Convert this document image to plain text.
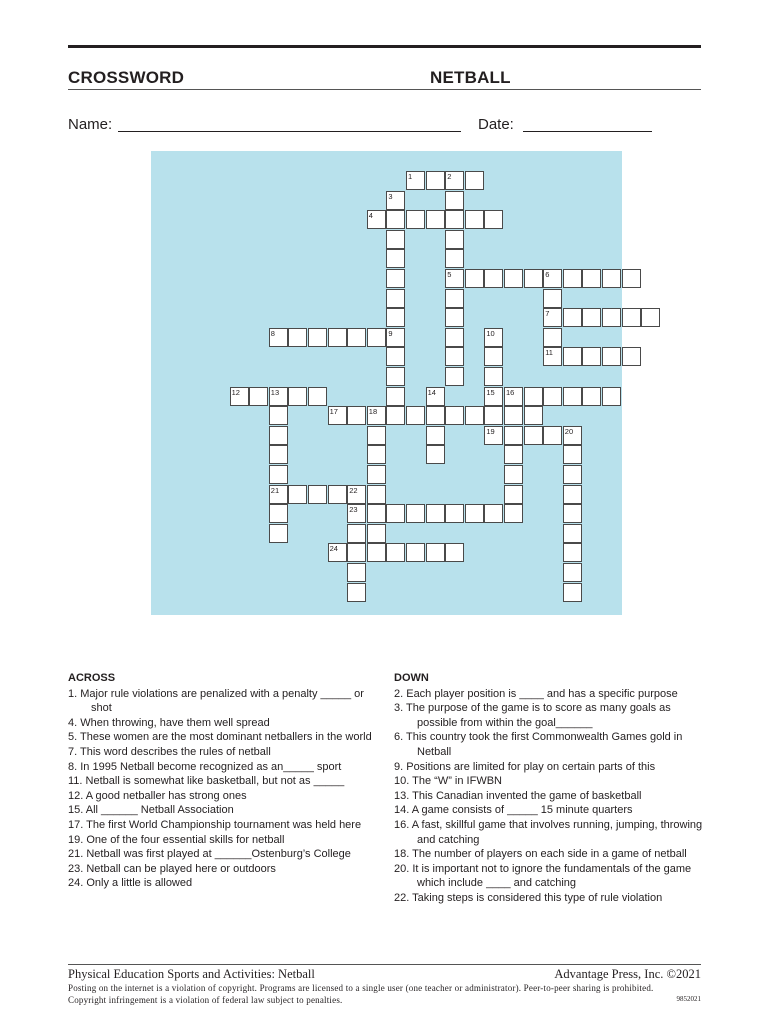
CROSSWORD	NETBALL
Name:	Date:
1	2
3
4
5	6
7
8	9	10
11
12	13	14	15 16
17	18
19	20
21	22
23
24
ACROSS
1. Major rule violations are penalized with a penalty _____ or shot
4. When throwing, have them well spread
5. These women are the most dominant netballers in the world
7. This word describes the rules of netball
8. In 1995 Netball become recognized as an_____ sport
11. Netball is somewhat like basketball, but not as _____
12. A good netballer has strong ones
15. All ______ Netball Association
17. The first World Championship tournament was held here
19. One of the four essential skills for netball
21. Netball was first played at ______Ostenburg’s College
23. Netball can be played here or outdoors
24. Only a little is allowed
DOWN
2. Each player position is ____ and has a specific purpose
3. The purpose of the game is to score as many goals as possible from within the goal______
6. This country took the first Commonwealth Games gold in Netball
9. Positions are limited for play on certain parts of this
10. The “W” in IFWBN
13. This Canadian invented the game of basketball
14. A game consists of _____ 15 minute quarters
16. A fast, skillful game that involves running, jumping, throwing and catching
18. The number of players on each side in a game of netball
20. It is important not to ignore the fundamentals of the game which include ____ and catching
22. Taking steps is considered this type of rule violation
Physical Education Sports and Activities: Netball	Advantage Press, Inc. ©2021
Posting on the internet is a violation of copyright. Programs are licensed to a single user (one teacher or administrator). Peer-to-peer sharing is prohibited.
Copyright infringement is a violation of federal law subject to penalties.	9852021
